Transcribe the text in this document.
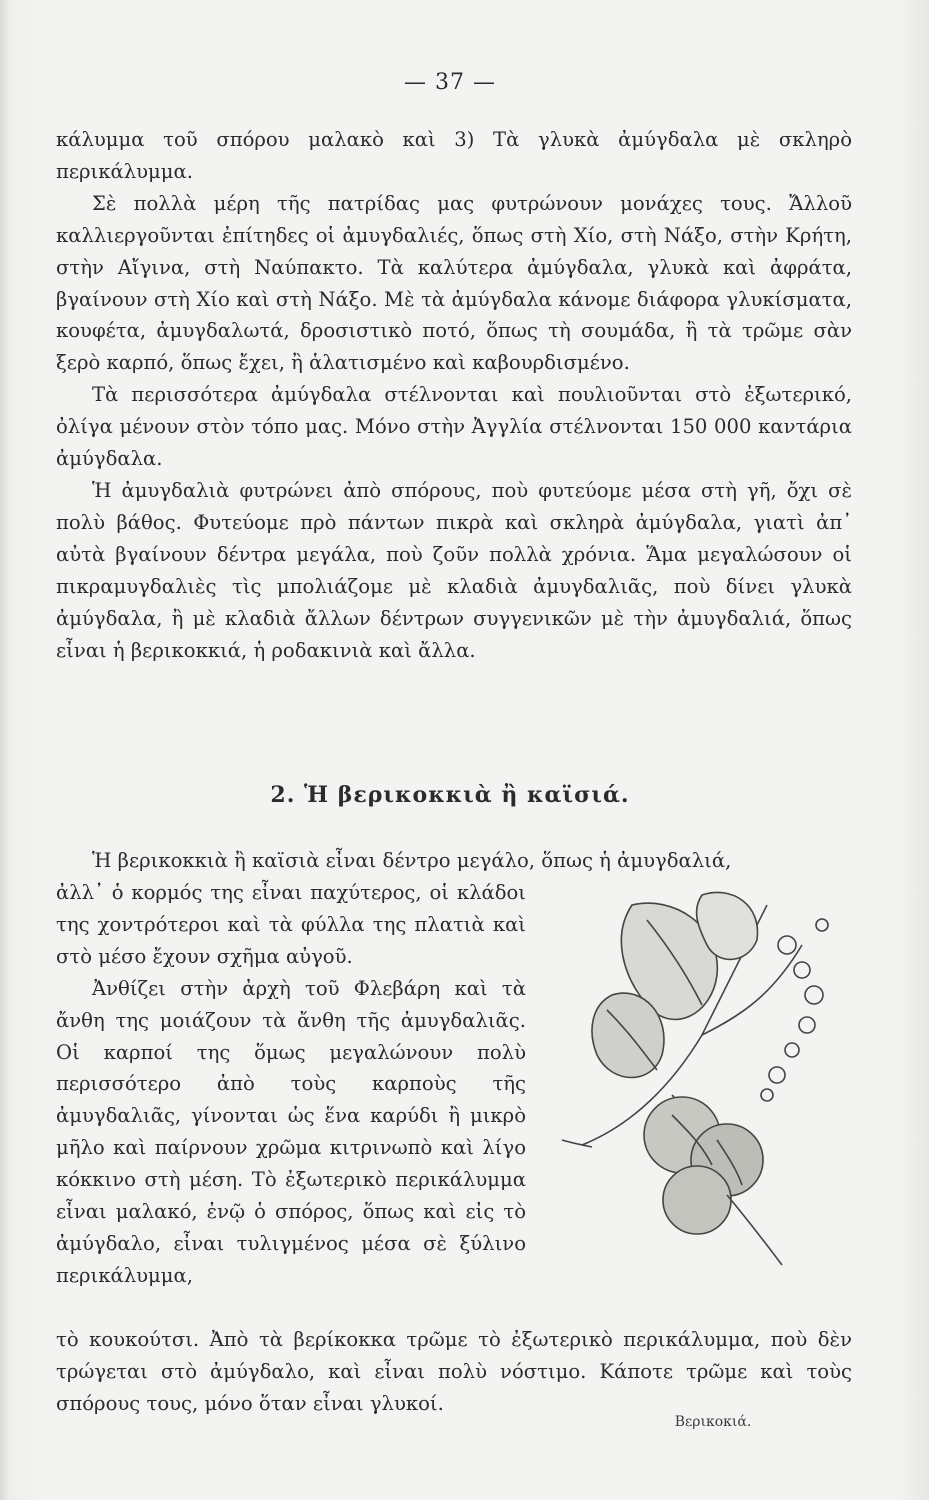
— 37 —

κάλυμμα τοῦ σπόρου μαλακὸ καὶ 3) Τὰ γλυκὰ ἀμύγδαλα μὲ σκληρὸ περικάλυμμα.

Σὲ πολλὰ μέρη τῆς πατρίδας μας φυτρώνουν μονάχες τους. Ἄλλοῦ καλλιεργοῦνται ἐπίτηδες οἱ ἀμυγδαλιές, ὅπως στὴ Χίο, στὴ Νάξο, στὴν Κρήτη, στὴν Αἴγινα, στὴ Ναύπακτο. Τὰ καλύτερα ἀμύγδαλα, γλυκὰ καὶ ἀφράτα, βγαίνουν στὴ Χίο καὶ στὴ Νάξο. Μὲ τὰ ἀμύγδαλα κάνομε διάφορα γλυκίσματα, κουφέτα, ἀμυγδαλωτά, δροσιστικὸ ποτό, ὅπως τὴ σουμάδα, ἢ τὰ τρῶμε σὰν ξερὸ καρπό, ὅπως ἔχει, ἢ ἁλατισμένο καὶ καβουρδισμένο.

Τὰ περισσότερα ἀμύγδαλα στέλνονται καὶ πουλιοῦνται στὸ ἐξωτερικό, ὀλίγα μένουν στὸν τόπο μας. Μόνο στὴν Ἀγγλία στέλνονται 150 000 καντάρια ἀμύγδαλα.

Ἡ ἀμυγδαλιὰ φυτρώνει ἀπὸ σπόρους, ποὺ φυτεύομε μέσα στὴ γῆ, ὄχι σὲ πολὺ βάθος. Φυτεύομε πρὸ πάντων πικρὰ καὶ σκληρὰ ἀμύγδαλα, γιατὶ ἀπ᾿ αὐτὰ βγαίνουν δέντρα μεγάλα, ποὺ ζοῦν πολλὰ χρόνια. Ἅμα μεγαλώσουν οἱ πικραμυγδαλιὲς τὶς μπολιάζομε μὲ κλαδιὰ ἀμυγδαλιᾶς, ποὺ δίνει γλυκὰ ἀμύγδαλα, ἢ μὲ κλαδιὰ ἄλλων δέντρων συγγενικῶν μὲ τὴν ἀμυγδαλιά, ὅπως εἶναι ἡ βερικοκκιά, ἡ ροδακινιὰ καὶ ἄλλα.

2. Ἡ βερικοκκιὰ ἢ καϊσιά.

Ἡ βερικοκκιὰ ἢ καϊσιὰ εἶναι δέντρο μεγάλο, ὅπως ἡ ἀμυγδαλιά,

ἀλλ᾿ ὁ κορμός της εἶναι παχύτερος, οἱ κλάδοι της χοντρότεροι καὶ τὰ φύλλα της πλατιὰ καὶ στὸ μέσο ἔχουν σχῆμα αὐγοῦ.

Ἀνθίζει στὴν ἀρχὴ τοῦ Φλεβάρη καὶ τὰ ἄνθη της μοιάζουν τὰ ἄνθη τῆς ἀμυγδαλιᾶς. Οἱ καρποί της ὅμως μεγαλώνουν πολὺ περισσότερο ἀπὸ τοὺς καρποὺς τῆς ἀμυγδαλιᾶς, γίνονται ὡς ἕνα καρύδι ἢ μικρὸ μῆλο καὶ παίρνουν χρῶμα κιτρινωπὸ καὶ λίγο κόκκινο στὴ μέση. Τὸ ἐξωτερικὸ περικάλυμμα εἶναι μαλακό, ἐνῷ ὁ σπόρος, ὅπως καὶ εἰς τὸ ἀμύγδαλο, εἶναι τυλιγμένος μέσα σὲ ξύλινο περικάλυμμα,

Βερικοκιά.

τὸ κουκούτσι. Ἀπὸ τὰ βερίκοκκα τρῶμε τὸ ἐξωτερικὸ περικάλυμμα, ποὺ δὲν τρώγεται στὸ ἀμύγδαλο, καὶ εἶναι πολὺ νόστιμο. Κάποτε τρῶμε καὶ τοὺς σπόρους τους, μόνο ὅταν εἶναι γλυκοί.
